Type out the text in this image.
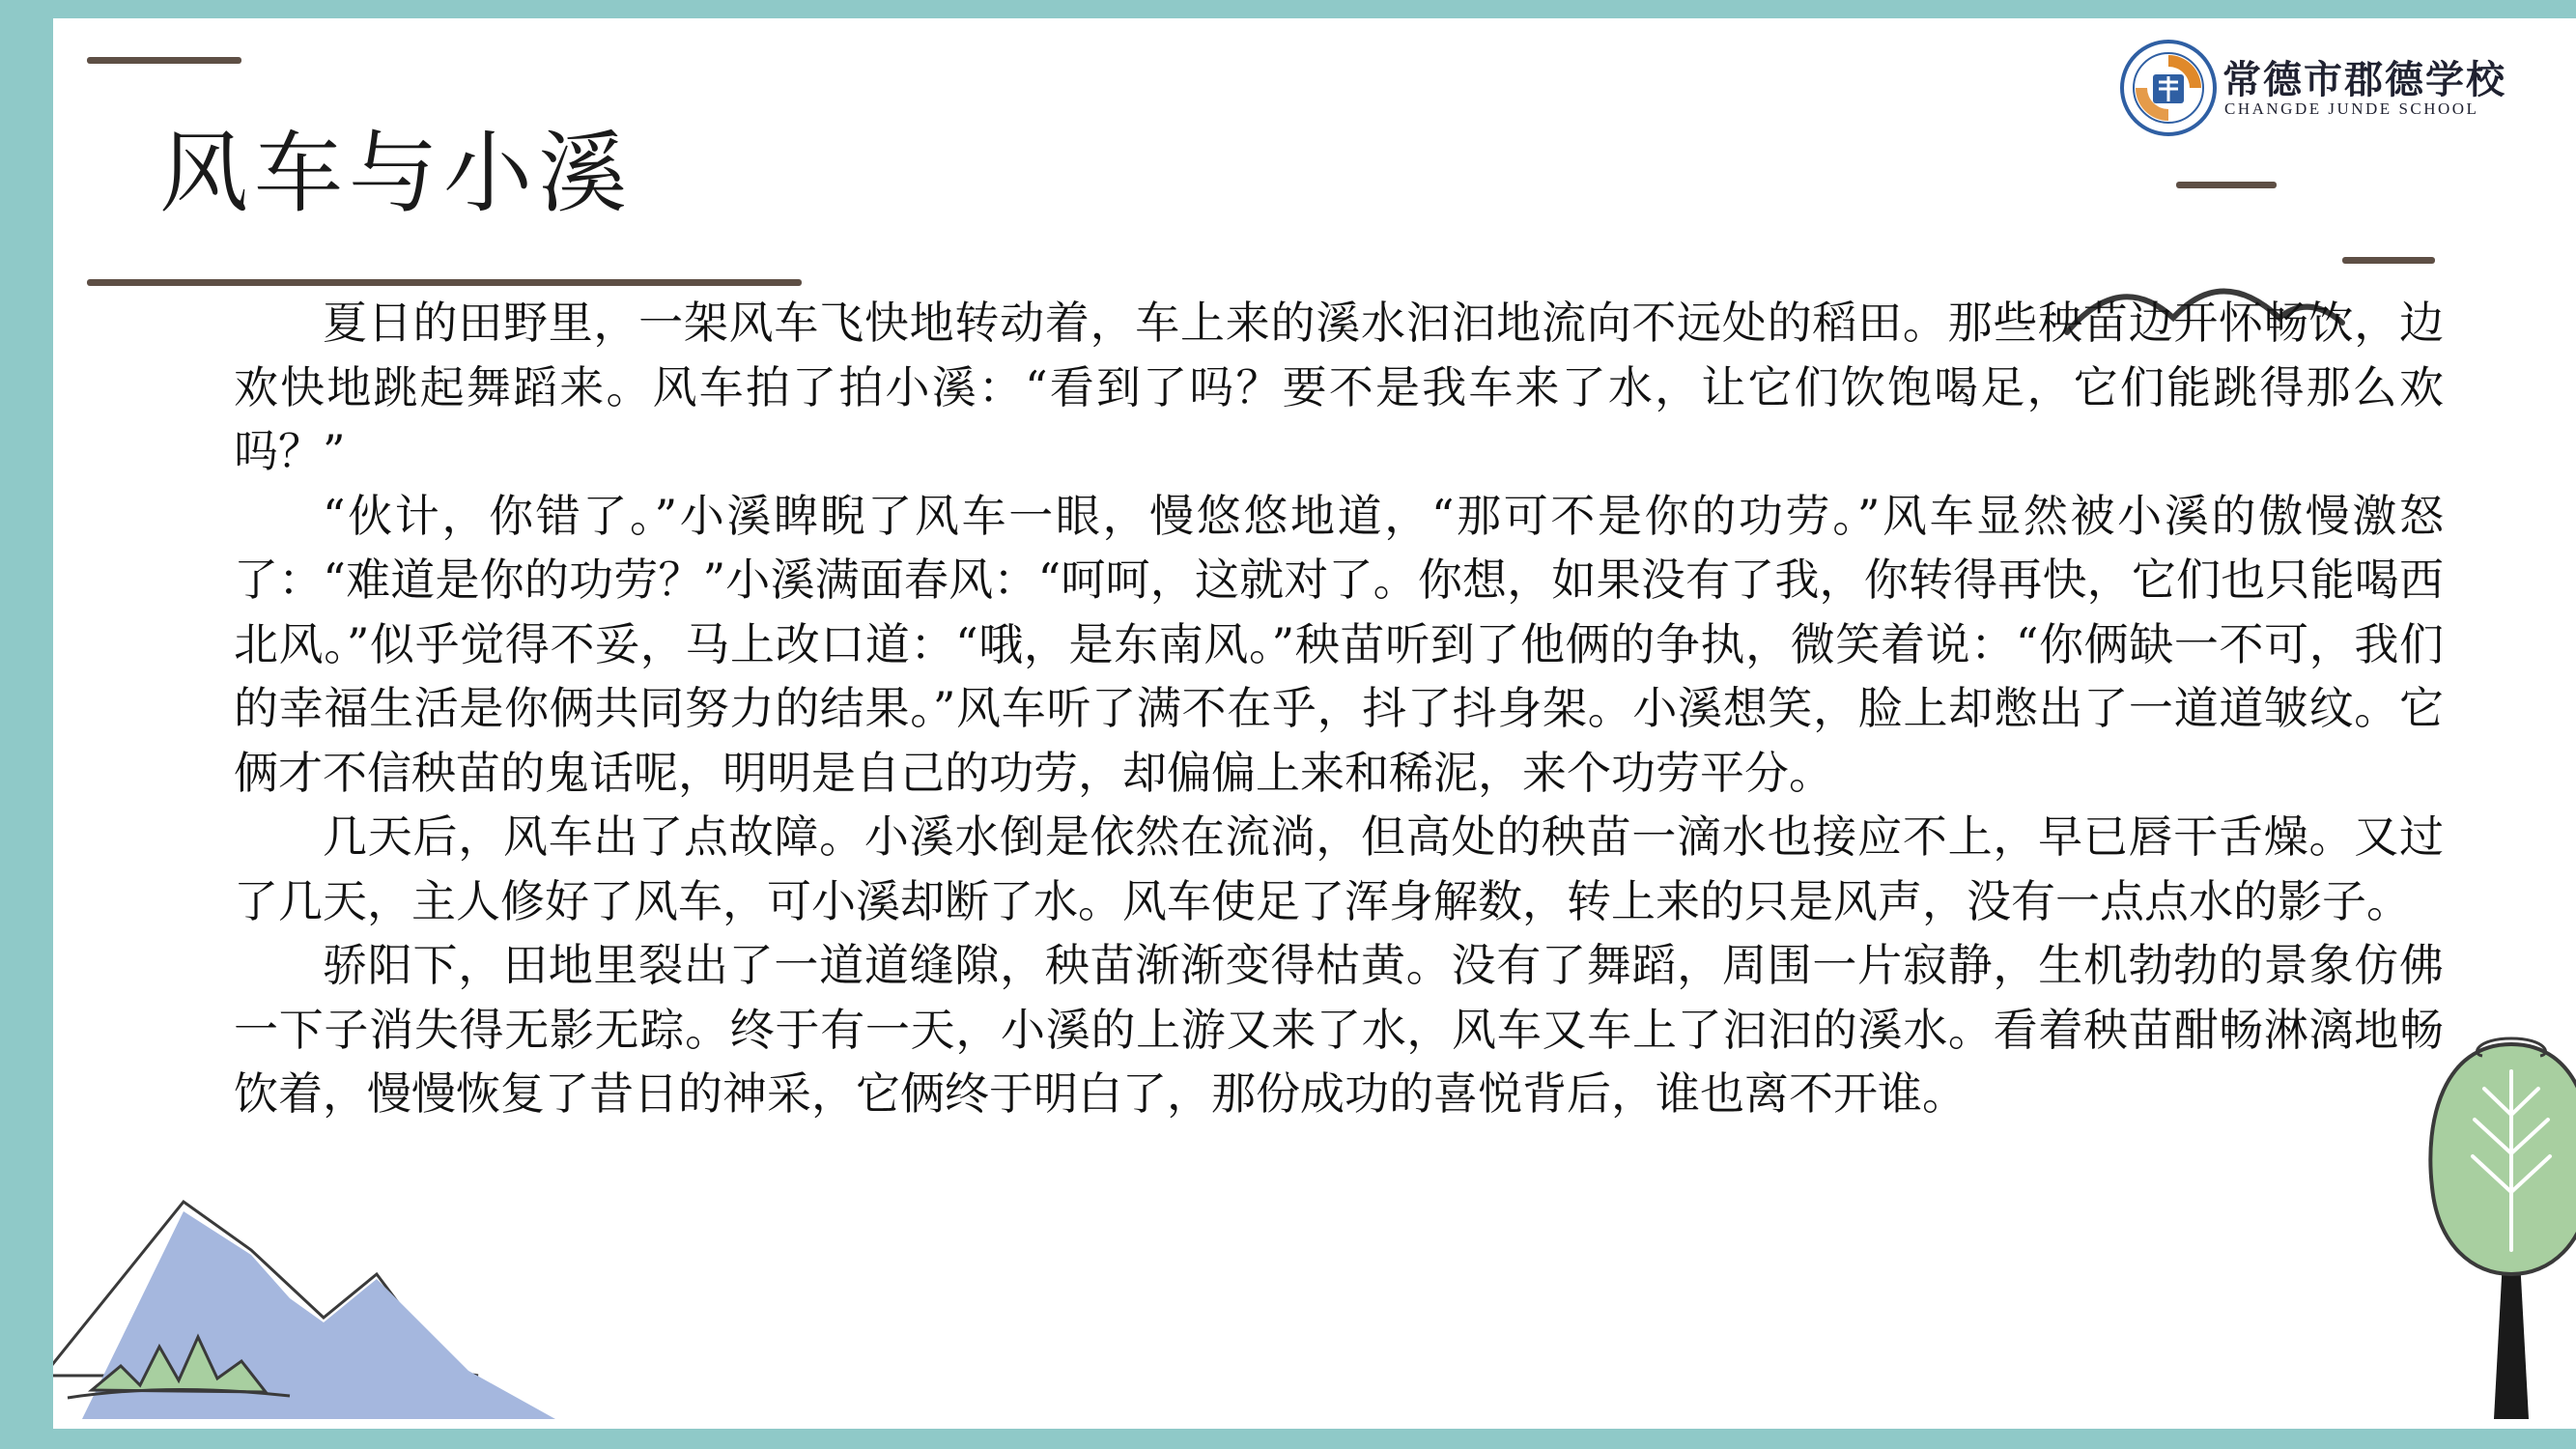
风车与小溪
常德市郡德学校
CHANGDE JUNDE SCHOOL

夏日的田野里，一架风车飞快地转动着，车上来的溪水汩汩地流向不远处的稻田。那些秧苗边开怀畅饮，边欢快地跳起舞蹈来。风车拍了拍小溪：“看到了吗？要不是我车来了水，让它们饮饱喝足，它们能跳得那么欢吗？”

“伙计，你错了。”小溪睥睨了风车一眼，慢悠悠地道，“那可不是你的功劳。”风车显然被小溪的傲慢激怒了：“难道是你的功劳？”小溪满面春风：“呵呵，这就对了。你想，如果没有了我，你转得再快，它们也只能喝西北风。”似乎觉得不妥，马上改口道：“哦，是东南风。”秧苗听到了他俩的争执，微笑着说：“你俩缺一不可，我们的幸福生活是你俩共同努力的结果。”风车听了满不在乎，抖了抖身架。小溪想笑，脸上却憋出了一道道皱纹。它俩才不信秧苗的鬼话呢，明明是自己的功劳，却偏偏上来和稀泥，来个功劳平分。

几天后，风车出了点故障。小溪水倒是依然在流淌，但高处的秧苗一滴水也接应不上，早已唇干舌燥。又过了几天，主人修好了风车，可小溪却断了水。风车使足了浑身解数，转上来的只是风声，没有一点点水的影子。

骄阳下，田地里裂出了一道道缝隙，秧苗渐渐变得枯黄。没有了舞蹈，周围一片寂静，生机勃勃的景象仿佛一下子消失得无影无踪。终于有一天，小溪的上游又来了水，风车又车上了汩汩的溪水。看着秧苗酣畅淋漓地畅饮着，慢慢恢复了昔日的神采，它俩终于明白了，那份成功的喜悦背后，谁也离不开谁。
